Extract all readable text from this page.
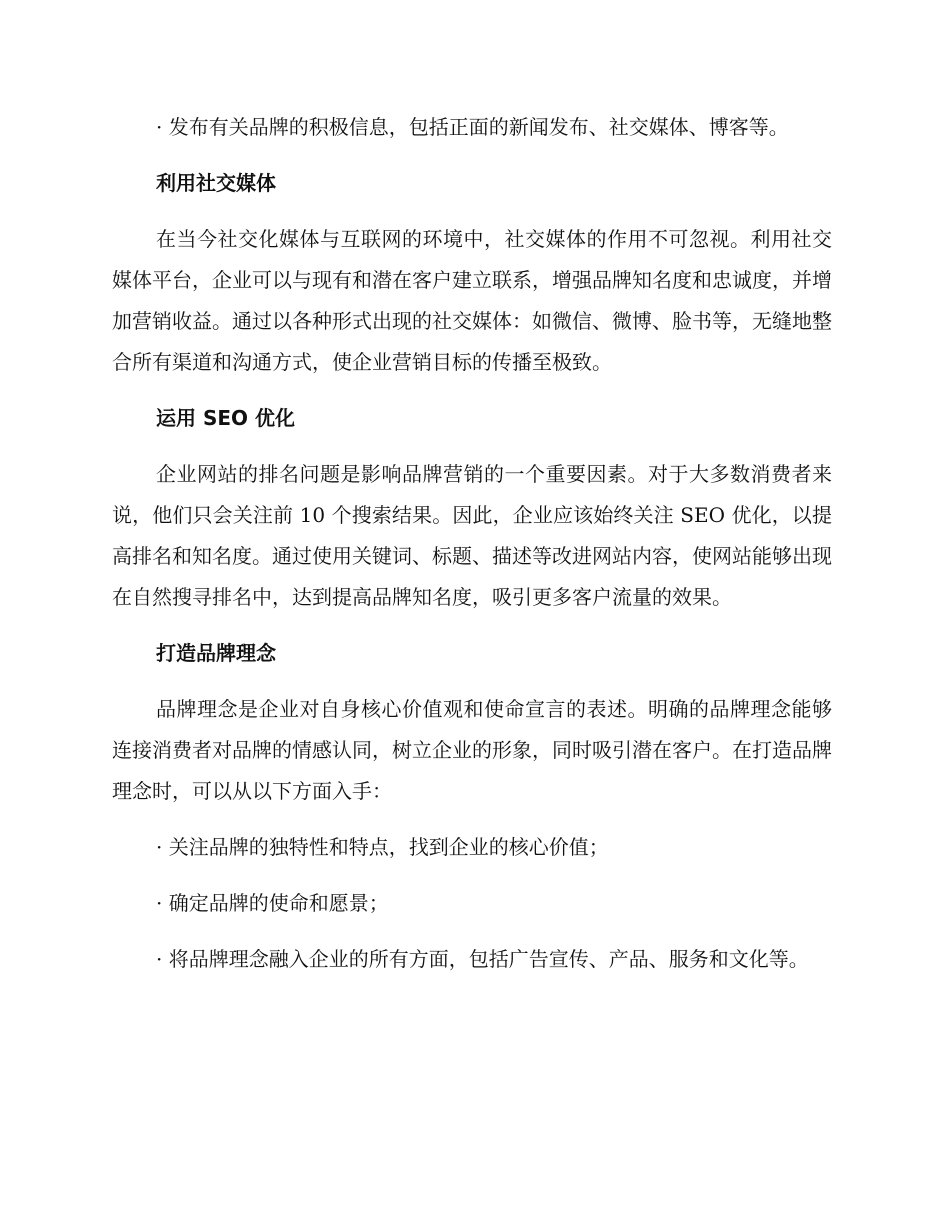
· 发布有关品牌的积极信息，包括正面的新闻发布、社交媒体、博客等。

利用社交媒体

在当今社交化媒体与互联网的环境中，社交媒体的作用不可忽视。利用社交媒体平台，企业可以与现有和潜在客户建立联系，增强品牌知名度和忠诚度，并增加营销收益。通过以各种形式出现的社交媒体：如微信、微博、脸书等，无缝地整合所有渠道和沟通方式，使企业营销目标的传播至极致。

运用 SEO 优化

企业网站的排名问题是影响品牌营销的一个重要因素。对于大多数消费者来说，他们只会关注前 10 个搜索结果。因此，企业应该始终关注 SEO 优化，以提高排名和知名度。通过使用关键词、标题、描述等改进网站内容，使网站能够出现在自然搜寻排名中，达到提高品牌知名度，吸引更多客户流量的效果。

打造品牌理念

品牌理念是企业对自身核心价值观和使命宣言的表述。明确的品牌理念能够连接消费者对品牌的情感认同，树立企业的形象，同时吸引潜在客户。在打造品牌理念时，可以从以下方面入手：

· 关注品牌的独特性和特点，找到企业的核心价值；

· 确定品牌的使命和愿景；

· 将品牌理念融入企业的所有方面，包括广告宣传、产品、服务和文化等。
